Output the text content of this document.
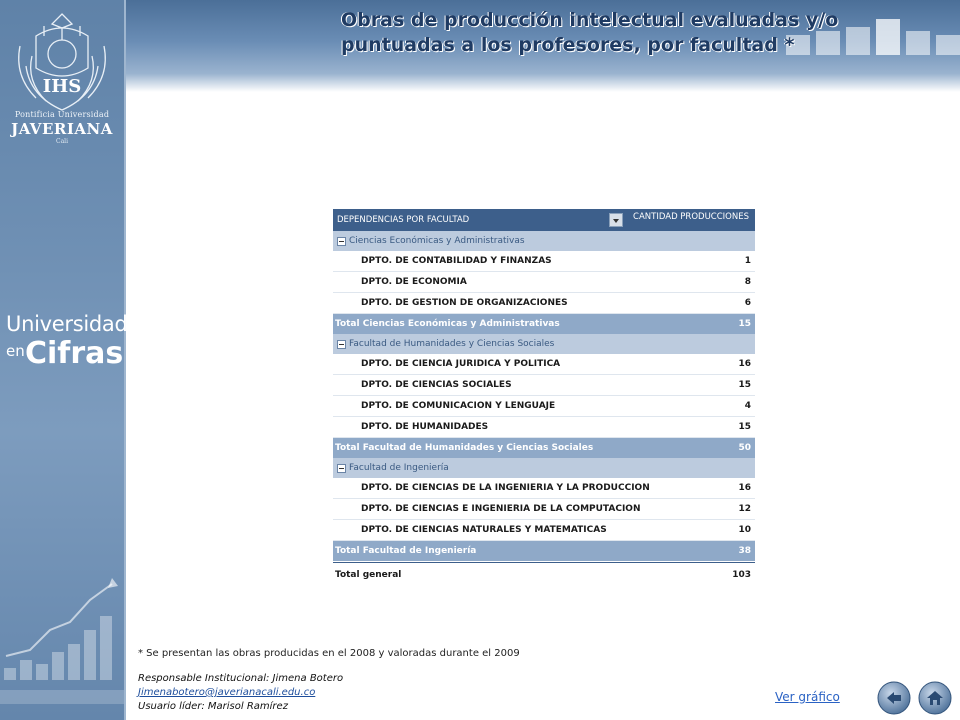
IHS
Pontificia Universidad
JAVERIANA
Cali
Universidad
en Cifras
Obras de producción intelectual evaluadas y/o puntuadas a los profesores, por facultad *
DEPENDENCIAS POR FACULTAD	CANTIDAD PRODUCCIONES
Ciencias Económicas y Administrativas
DPTO. DE CONTABILIDAD Y FINANZAS	1
DPTO. DE ECONOMIA	8
DPTO. DE GESTION DE ORGANIZACIONES	6
Total Ciencias Económicas y Administrativas	15
Facultad de Humanidades y Ciencias Sociales
DPTO. DE CIENCIA JURIDICA Y POLITICA	16
DPTO. DE CIENCIAS SOCIALES	15
DPTO. DE COMUNICACION Y LENGUAJE	4
DPTO. DE HUMANIDADES	15
Total Facultad de Humanidades y Ciencias Sociales	50
Facultad de Ingeniería
DPTO. DE CIENCIAS DE LA INGENIERIA Y LA PRODUCCION	16
DPTO. DE CIENCIAS E INGENIERIA DE LA COMPUTACION	12
DPTO. DE CIENCIAS NATURALES Y MATEMATICAS	10
Total Facultad de Ingeniería	38
Total general	103
* Se presentan las obras producidas en el 2008 y valoradas durante el 2009
Responsable Institucional: Jimena Botero
Jimenabotero@javerianacali.edu.co
Usuario líder: Marisol Ramírez
Ver gráfico
